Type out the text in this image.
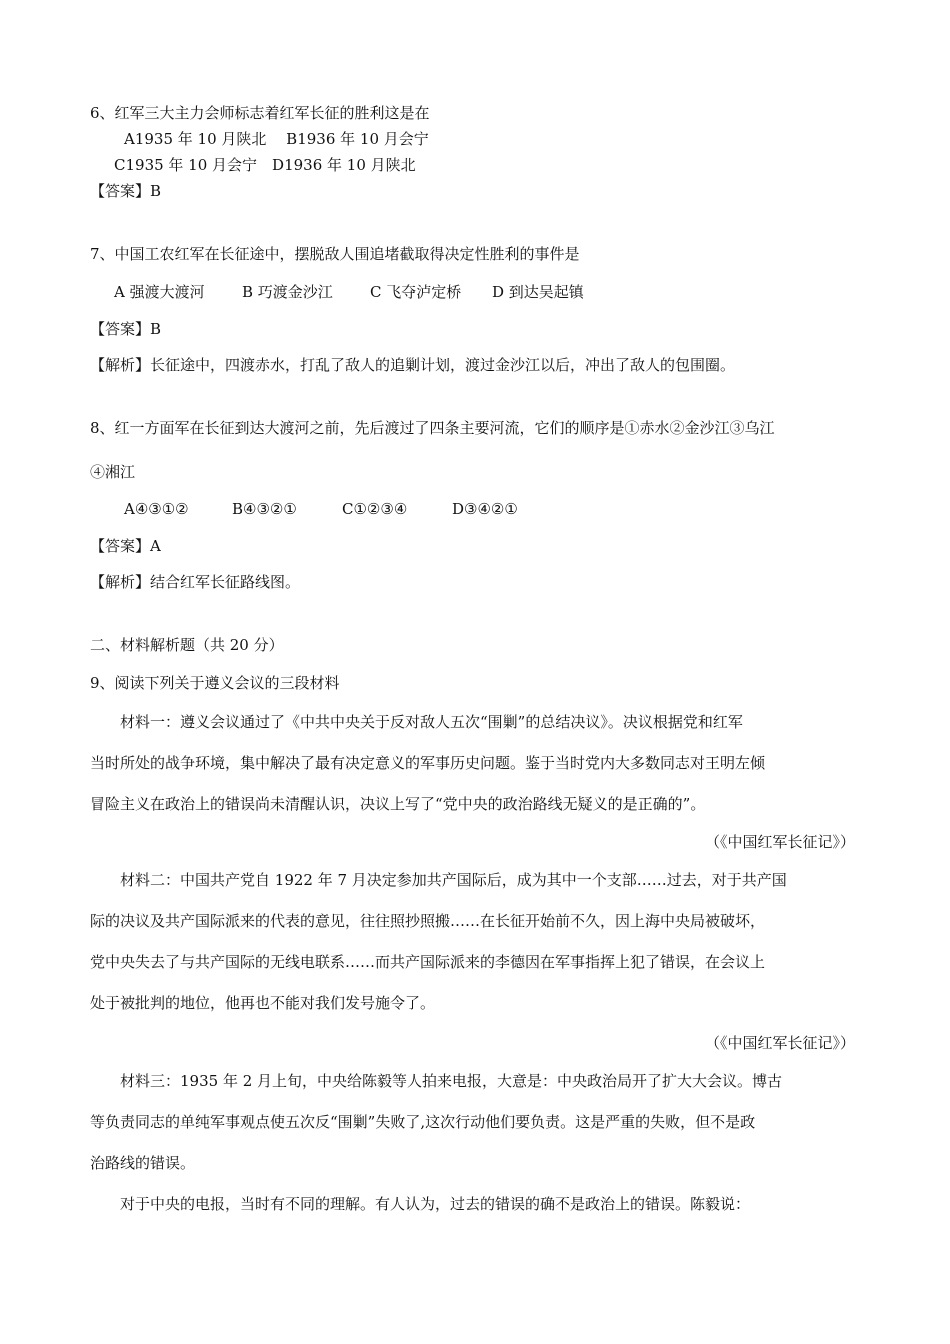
6、红军三大主力会师标志着红军长征的胜利这是在
A1935 年 10 月陕北　 B1936 年 10 月会宁
C1935 年 10 月会宁　D1936 年 10 月陕北
【答案】B
7、中国工农红军在长征途中，摆脱敌人围追堵截取得决定性胜利的事件是
A 强渡大渡河 B 巧渡金沙江 C 飞夺泸定桥 D 到达吴起镇
【答案】B
【解析】长征途中，四渡赤水，打乱了敌人的追剿计划，渡过金沙江以后，冲出了敌人的包围圈。
8、红一方面军在长征到达大渡河之前，先后渡过了四条主要河流，它们的顺序是①赤水②金沙江③乌江
④湘江
A④③①②	B④③②①	C①②③④	D③④②①
【答案】A
【解析】结合红军长征路线图。
二、材料解析题（共 20 分）
9、阅读下列关于遵义会议的三段材料
材料一：遵义会议通过了《中共中央关于反对敌人五次“围剿”的总结决议》。决议根据党和红军
当时所处的战争环境，集中解决了最有决定意义的军事历史问题。鉴于当时党内大多数同志对王明左倾
冒险主义在政治上的错误尚未清醒认识，决议上写了“党中央的政治路线无疑义的是正确的”。
（《中国红军长征记》）
材料二：中国共产党自 1922 年 7 月决定参加共产国际后，成为其中一个支部……过去，对于共产国
际的决议及共产国际派来的代表的意见，往往照抄照搬……在长征开始前不久，因上海中央局被破坏，
党中央失去了与共产国际的无线电联系……而共产国际派来的李德因在军事指挥上犯了错误，在会议上
处于被批判的地位，他再也不能对我们发号施令了。
（《中国红军长征记》）
材料三：1935 年 2 月上旬，中央给陈毅等人拍来电报，大意是：中央政治局开了扩大大会议。博古
等负责同志的单纯军事观点使五次反“围剿”失败了,这次行动他们要负责。这是严重的失败，但不是政
治路线的错误。
对于中央的电报，当时有不同的理解。有人认为，过去的错误的确不是政治上的错误。陈毅说：
